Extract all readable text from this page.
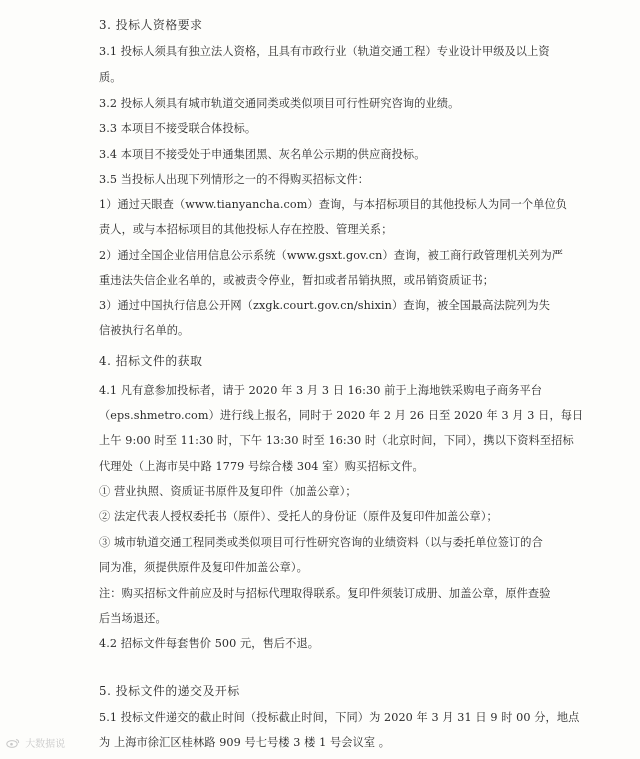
3. 投标人资格要求
3.1 投标人须具有独立法人资格，且具有市政行业（轨道交通工程）专业设计甲级及以上资
质。
3.2 投标人须具有城市轨道交通同类或类似项目可行性研究咨询的业绩。
3.3 本项目不接受联合体投标。
3.4 本项目不接受处于申通集团黑、灰名单公示期的供应商投标。
3.5 当投标人出现下列情形之一的不得购买招标文件：
1）通过天眼查（www.tianyancha.com）查询，与本招标项目的其他投标人为同一个单位负
责人，或与本招标项目的其他投标人存在控股、管理关系；
2）通过全国企业信用信息公示系统（www.gsxt.gov.cn）查询，被工商行政管理机关列为严
重违法失信企业名单的，或被责令停业，暂扣或者吊销执照，或吊销资质证书；
3）通过中国执行信息公开网（zxgk.court.gov.cn/shixin）查询，被全国最高法院列为失
信被执行名单的。
4. 招标文件的获取
4.1 凡有意参加投标者，请于 2020 年 3 月 3 日 16:30 前于上海地铁采购电子商务平台
（eps.shmetro.com）进行线上报名，同时于 2020 年 2 月 26 日至 2020 年 3 月 3 日，每日
上午 9:00 时至 11:30 时，下午 13:30 时至 16:30 时（北京时间，下同），携以下资料至招标
代理处（上海市吴中路 1779 号综合楼 304 室）购买招标文件。
① 营业执照、资质证书原件及复印件（加盖公章）；
② 法定代表人授权委托书（原件）、受托人的身份证（原件及复印件加盖公章）；
③ 城市轨道交通工程同类或类似项目可行性研究咨询的业绩资料（以与委托单位签订的合
同为准，须提供原件及复印件加盖公章）。
注：购买招标文件前应及时与招标代理取得联系。复印件须装订成册、加盖公章，原件查验
后当场退还。
4.2 招标文件每套售价 500 元，售后不退。
5. 投标文件的递交及开标
5.1 投标文件递交的截止时间（投标截止时间，下同）为 2020 年 3 月 31 日 9 时 00 分，地点
为 上海市徐汇区桂林路 909 号七号楼 3 楼 1 号会议室 。
大数据说
